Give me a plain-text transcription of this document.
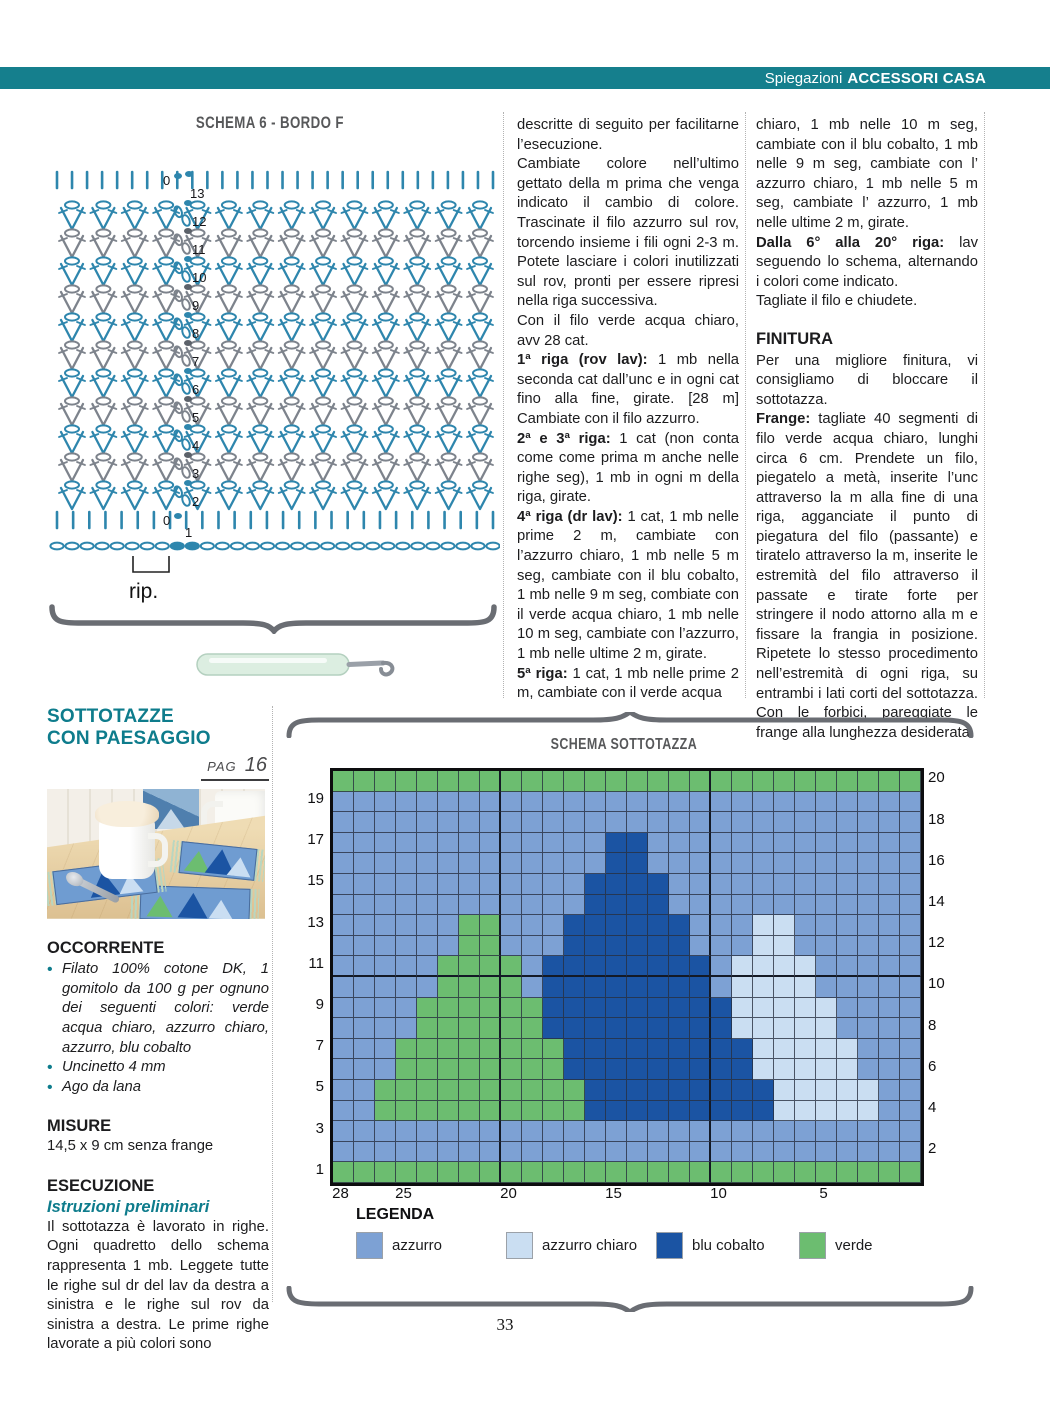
Spiegazioni ACCESSORI CASA
SCHEMA 6 - BORDO F
0
13
12
11
10
9
8
7
6
5
4
3
2
0
1
rip.

descritte di seguito per facilitarne l’esecuzione.

Cambiate colore nell’ultimo gettato della m prima che venga indicato il cambio di colore. Trascinate il filo azzurro sul rov, torcendo insieme i fili ogni 2-3 m. Potete lasciare i colori inutilizzati sul rov, pronti per essere ripresi nella riga successiva.

Con il filo verde acqua chiaro, avv 28 cat.

1ª riga (rov lav): 1 mb nella seconda cat dall’unc e in ogni cat fino alla fine, girate. [28 m] Cambiate con il filo azzurro.

2ª e 3ª riga: 1 cat (non conta come come prima m anche nelle righe seg), 1 mb in ogni m della riga, girate.

4ª riga (dr lav): 1 cat, 1 mb nelle prime 2 m, cambiate con l’azzurro chiaro, 1 mb nelle 5 m seg, cambiate con il blu cobalto, 1 mb nelle 9 m seg, combiate con il verde acqua chiaro, 1 mb nelle 10 m seg, cambiate con l’azzurro, 1 mb nelle ultime 2 m, girate.

5ª riga: 1 cat, 1 mb nelle prime 2 m, cambiate con il verde acqua

chiaro, 1 mb nelle 10 m seg, cambiate con il blu cobalto, 1 mb nelle 9 m seg, cambiate con l’ azzurro chiaro, 1 mb nelle 5 m seg, cambiate l’ azzurro, 1 mb nelle ultime 2 m, girate.

Dalla 6° alla 20° riga: lav seguendo lo schema, alternando i colori come indicato.

Tagliate il filo e chiudete.

FINITURA

Per una migliore finitura, vi consigliamo di bloccare il sottotazza.

Frange: tagliate 40 segmenti di filo verde acqua chiaro, lunghi circa 6 cm. Prendete un filo, piegatelo a metà, inserite l’unc attraverso la m alla fine di una riga, agganciate il punto di piegatura del filo (passante) e tiratelo attraverso la m, inserite le estremità del filo attraverso il passate e tirate forte per stringere il nodo attorno alla m e fissare la frangia in posizione. Ripetete lo stesso procedimento nell’estremità di ogni riga, su entrambi i lati corti del sottotazza. Con le forbici, pareggiate le frange alla lunghezza desiderata.

SOTTOTAZZE
CON PAESAGGIO
PAG 16
OCCORRENTE
• Filato 100% cotone DK, 1 gomitolo da 100 g per ognuno dei seguenti colori: verde acqua chiaro, azzurro chiaro, azzurro, blu cobalto
• Uncinetto 4 mm
• Ago da lana
MISURE
14,5 x 9 cm senza frange
ESECUZIONE
Istruzioni preliminari
Il sottotazza è lavorato in righe. Ogni quadretto dello schema rappresenta 1 mb. Leggete tutte le righe sul dr del lav da destra a sinistra e le righe sul rov da sinistra a destra. Le prime righe lavorate a più colori sono
SCHEMA SOTTOTAZZA
19
17
15
13
11
9
7
5
3
1
20
18
16
14
12
10
8
6
4
2
28	25	20	15	10	5
LEGENDA
azzurro	azzurro chiaro	blu cobalto	verde
33
